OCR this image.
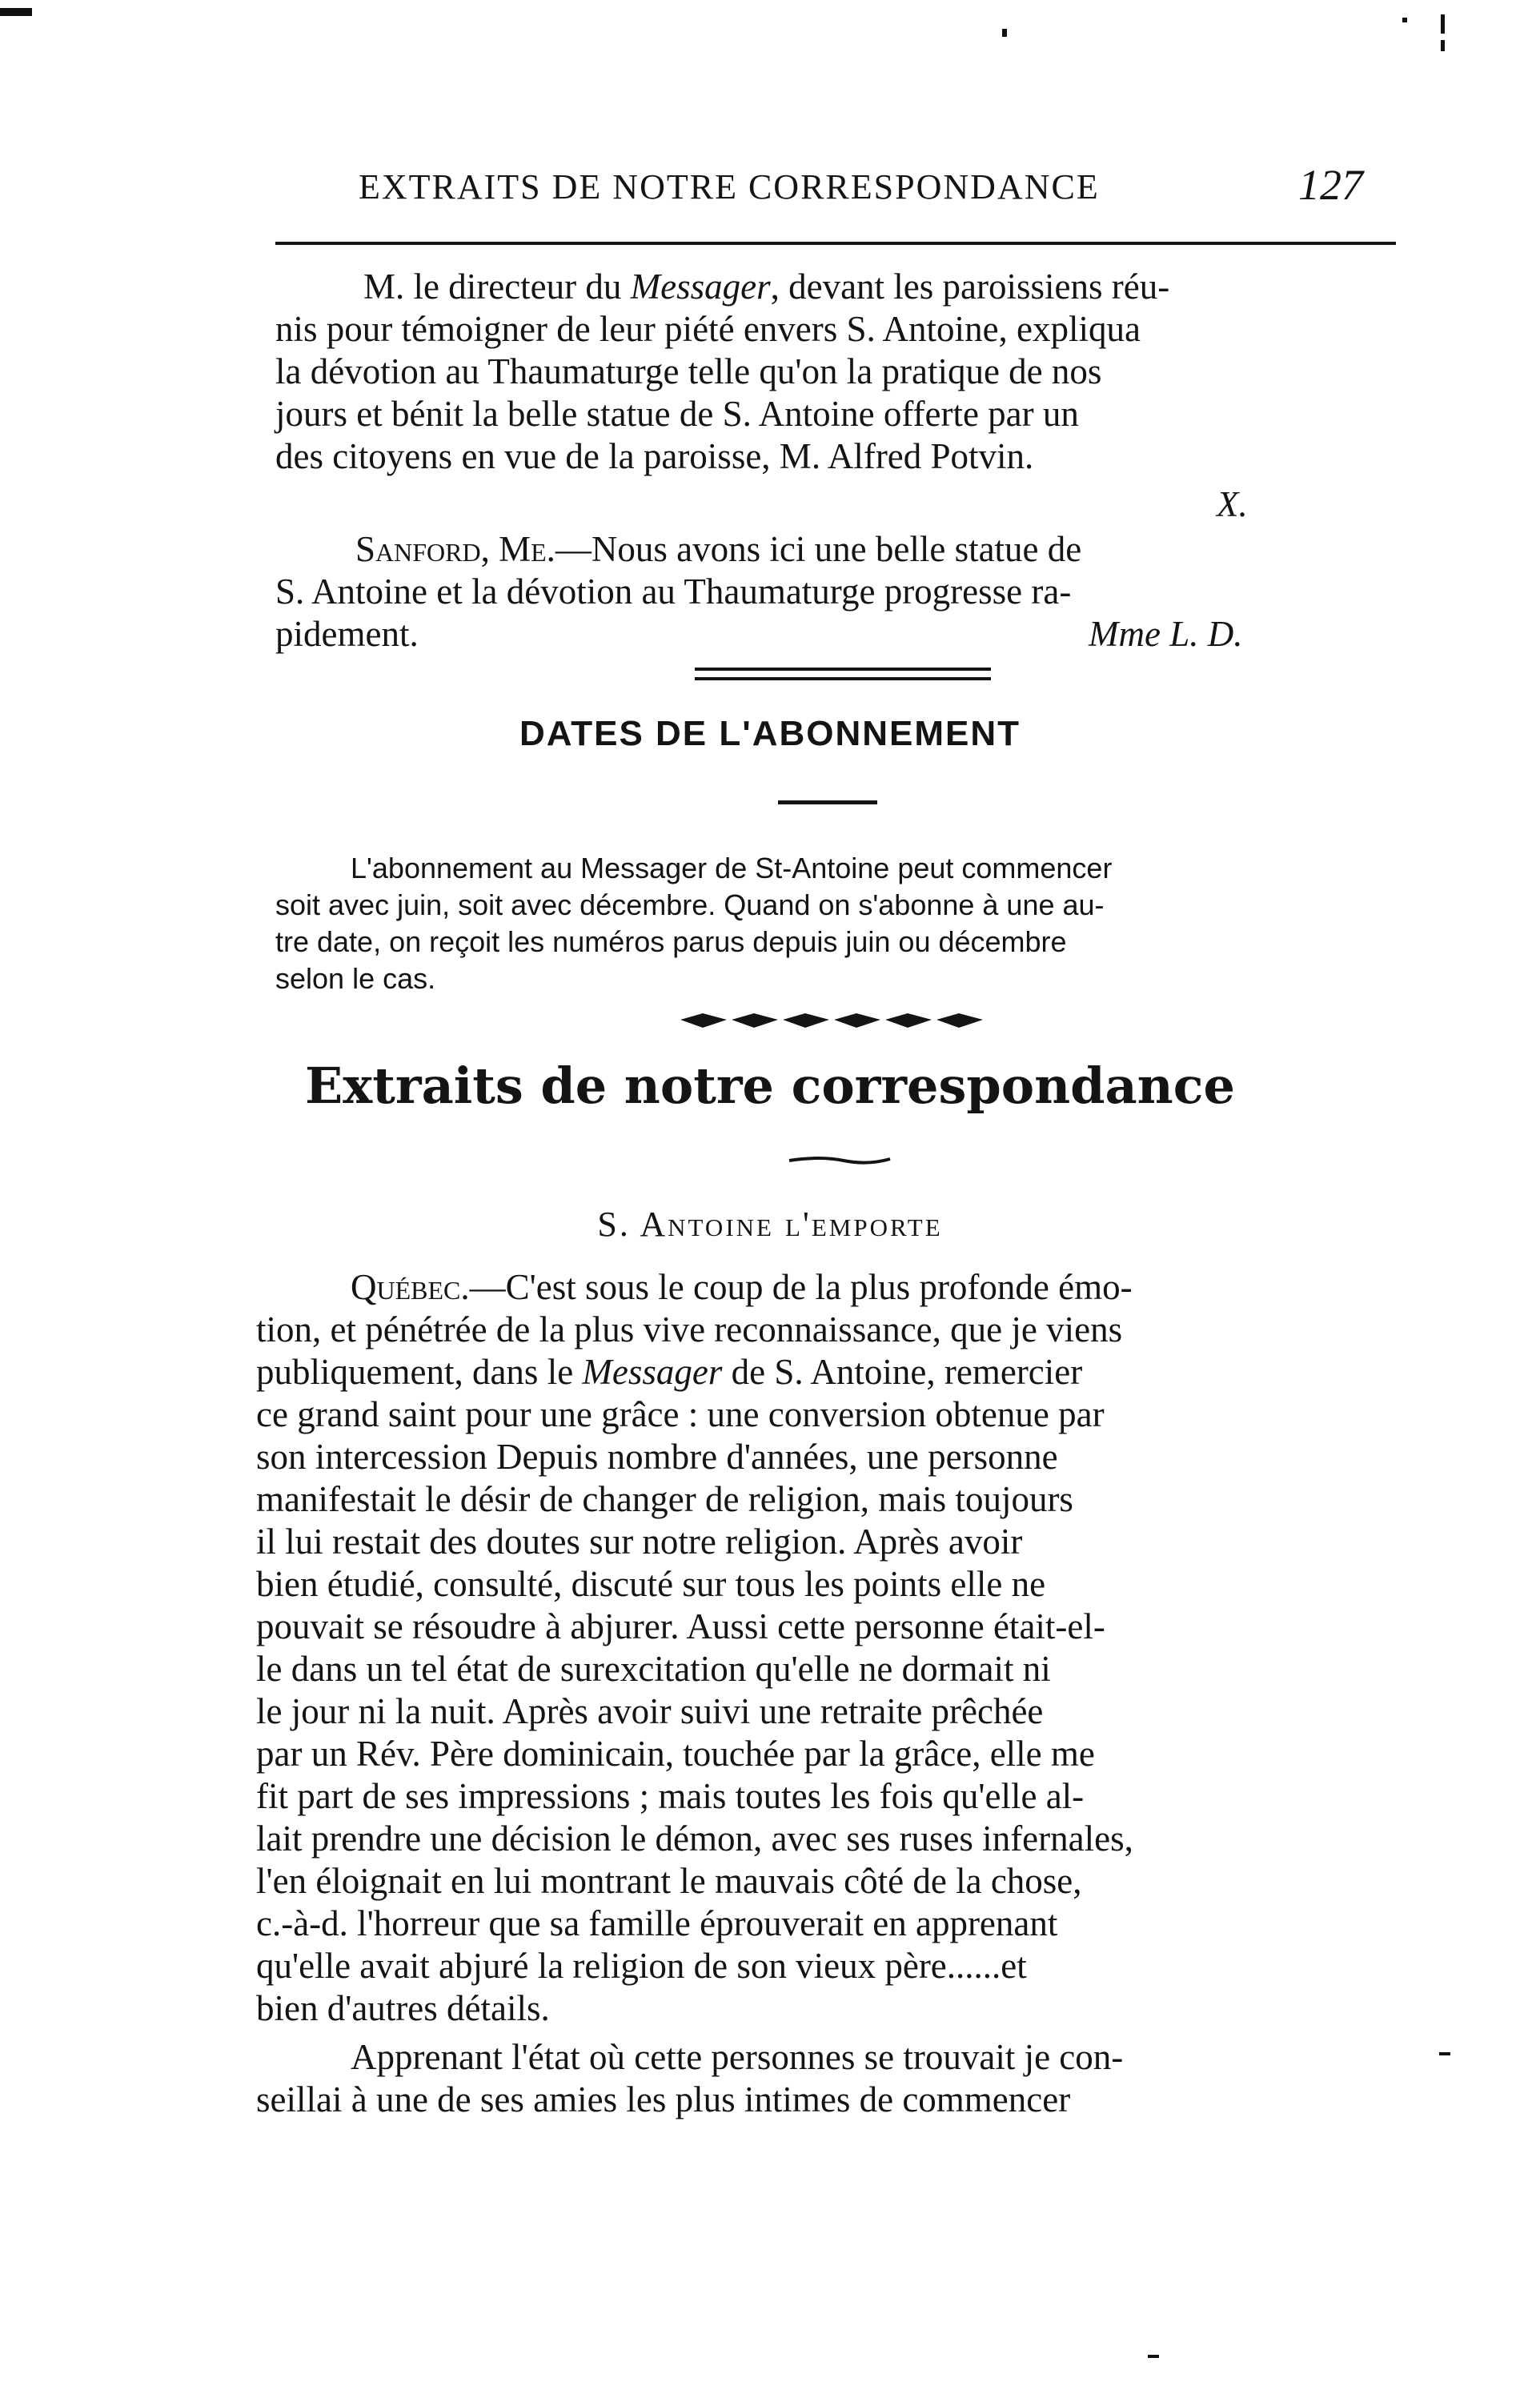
EXTRAITS DE NOTRE CORRESPONDANCE	127

M. le directeur du Messager, devant les paroissiens réu-
nis pour témoigner de leur piété envers S. Antoine, expliqua
la dévotion au Thaumaturge telle qu'on la pratique de nos
jours et bénit la belle statue de S. Antoine offerte par un
des citoyens en vue de la paroisse, M. Alfred Potvin.

X.

Sanford, Me.—Nous avons ici une belle statue de
S. Antoine et la dévotion au Thaumaturge progresse ra-
pidement.	Mme L. D.
DATES DE L'ABONNEMENT

L'abonnement au Messager de St-Antoine peut commencer
soit avec juin, soit avec décembre. Quand on s'abonne à une au-
tre date, on reçoit les numéros parus depuis juin ou décembre
selon le cas.

Extraits de notre correspondance
S. Antoine l'emporte

Québec.—C'est sous le coup de la plus profonde émo-
tion, et pénétrée de la plus vive reconnaissance, que je viens
publiquement, dans le Messager de S. Antoine, remercier
ce grand saint pour une grâce : une conversion obtenue par
son intercession Depuis nombre d'années, une personne
manifestait le désir de changer de religion, mais toujours
il lui restait des doutes sur notre religion. Après avoir
bien étudié, consulté, discuté sur tous les points elle ne
pouvait se résoudre à abjurer. Aussi cette personne était-el-
le dans un tel état de surexcitation qu'elle ne dormait ni
le jour ni la nuit. Après avoir suivi une retraite prêchée
par un Rév. Père dominicain, touchée par la grâce, elle me
fit part de ses impressions ; mais toutes les fois qu'elle al-
lait prendre une décision le démon, avec ses ruses infernales,
l'en éloignait en lui montrant le mauvais côté de la chose,
c.-à-d. l'horreur que sa famille éprouverait en apprenant
qu'elle avait abjuré la religion de son vieux père......et
bien d'autres détails.

Apprenant l'état où cette personnes se trouvait je con-
seillai à une de ses amies les plus intimes de commencer
